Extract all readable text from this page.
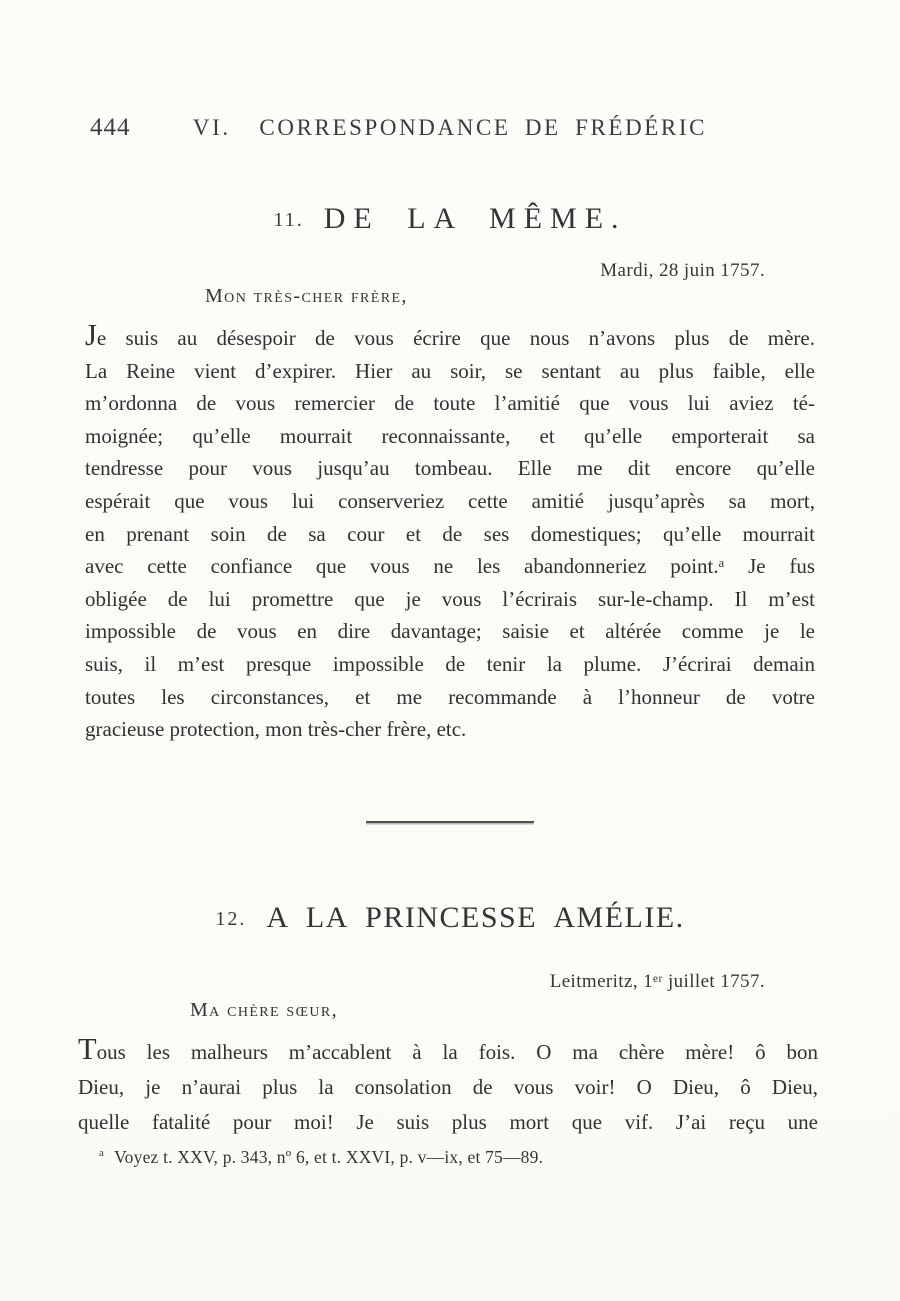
444	VI.  CORRESPONDANCE DE FRÉDÉRIC
11. DE LA MÊME.
Mardi, 28 juin 1757.
Mon très-cher frère,
Je suis au désespoir de vous écrire que nous n’avons plus de mère.
La Reine vient d’expirer. Hier au soir, se sentant au plus faible, elle
m’ordonna de vous remercier de toute l’amitié que vous lui aviez té-
moignée; qu’elle mourrait reconnaissante, et qu’elle emporterait sa
tendresse pour vous jusqu’au tombeau. Elle me dit encore qu’elle
espérait que vous lui conserveriez cette amitié jusqu’après sa mort,
en prenant soin de sa cour et de ses domestiques; qu’elle mourrait
avec cette confiance que vous ne les abandonneriez point.ᵃ Je fus
obligée de lui promettre que je vous l’écrirais sur-le-champ. Il m’est
impossible de vous en dire davantage; saisie et altérée comme je le
suis, il m’est presque impossible de tenir la plume. J’écrirai demain
toutes les circonstances, et me recommande à l’honneur de votre
gracieuse protection, mon très-cher frère, etc.
12. A LA PRINCESSE AMÉLIE.
Leitmeritz, 1ᵉʳ juillet 1757.
Ma chère sœur,
Tous les malheurs m’accablent à la fois. O ma chère mère! ô bon
Dieu, je n’aurai plus la consolation de vous voir! O Dieu, ô Dieu,
quelle fatalité pour moi! Je suis plus mort que vif. J’ai reçu une
$^a$ Voyez t. XXV, p. 343, nº 6, et t. XXVI, p. v—ix, et 75—89.
